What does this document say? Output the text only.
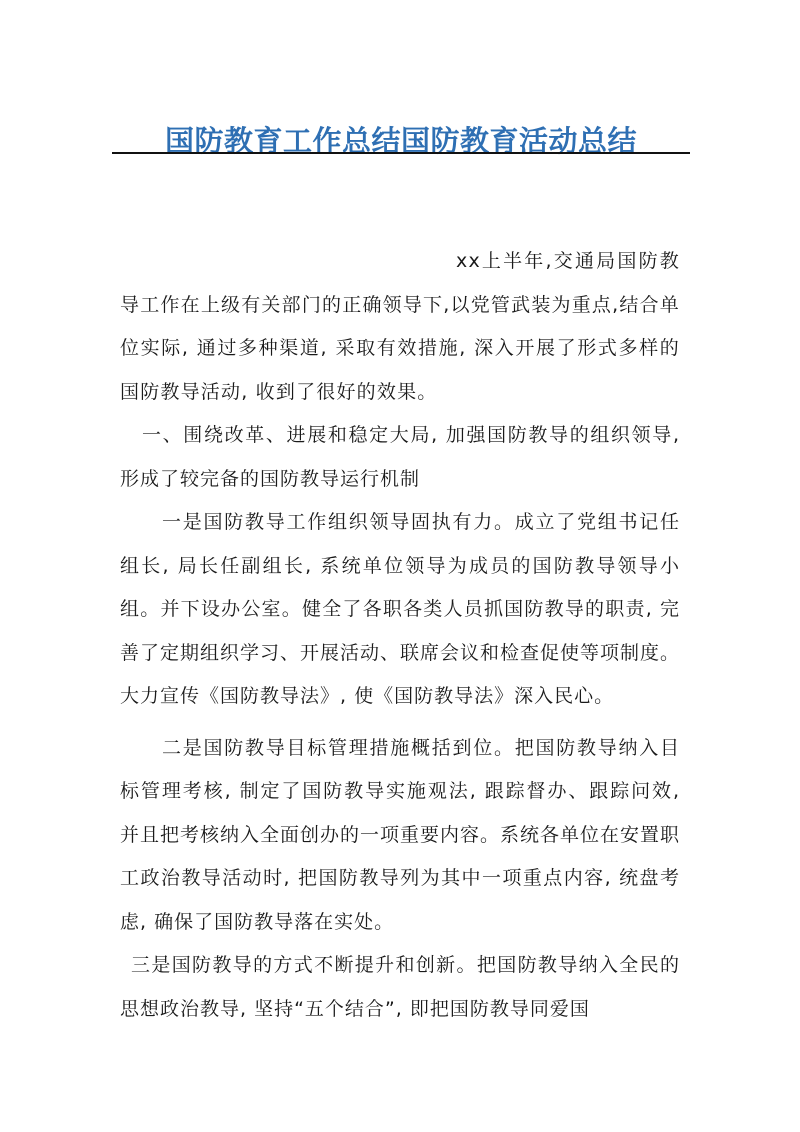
国防教育工作总结国防教育活动总结

xx上半年,交通局国防教导工作在上级有关部门的正确领导下,以党管武装为重点,结合单位实际, 通过多种渠道, 采取有效措施, 深入开展了形式多样的国防教导活动, 收到了很好的效果。

一、围绕改革、进展和稳定大局, 加强国防教导的组织领导, 形成了较完备的国防教导运行机制

一是国防教导工作组织领导固执有力。成立了党组书记任组长, 局长任副组长, 系统单位领导为成员的国防教导领导小组。并下设办公室。健全了各职各类人员抓国防教导的职责, 完善了定期组织学习、开展活动、联席会议和检查促使等项制度。大力宣传《国防教导法》, 使《国防教导法》深入民心。

二是国防教导目标管理措施概括到位。把国防教导纳入目标管理考核, 制定了国防教导实施观法, 跟踪督办、跟踪问效, 并且把考核纳入全面创办的一项重要内容。系统各单位在安置职工政治教导活动时, 把国防教导列为其中一项重点内容, 统盘考虑, 确保了国防教导落在实处。

三是国防教导的方式不断提升和创新。把国防教导纳入全民的思想政治教导, 坚持“五个结合”, 即把国防教导同爱国
